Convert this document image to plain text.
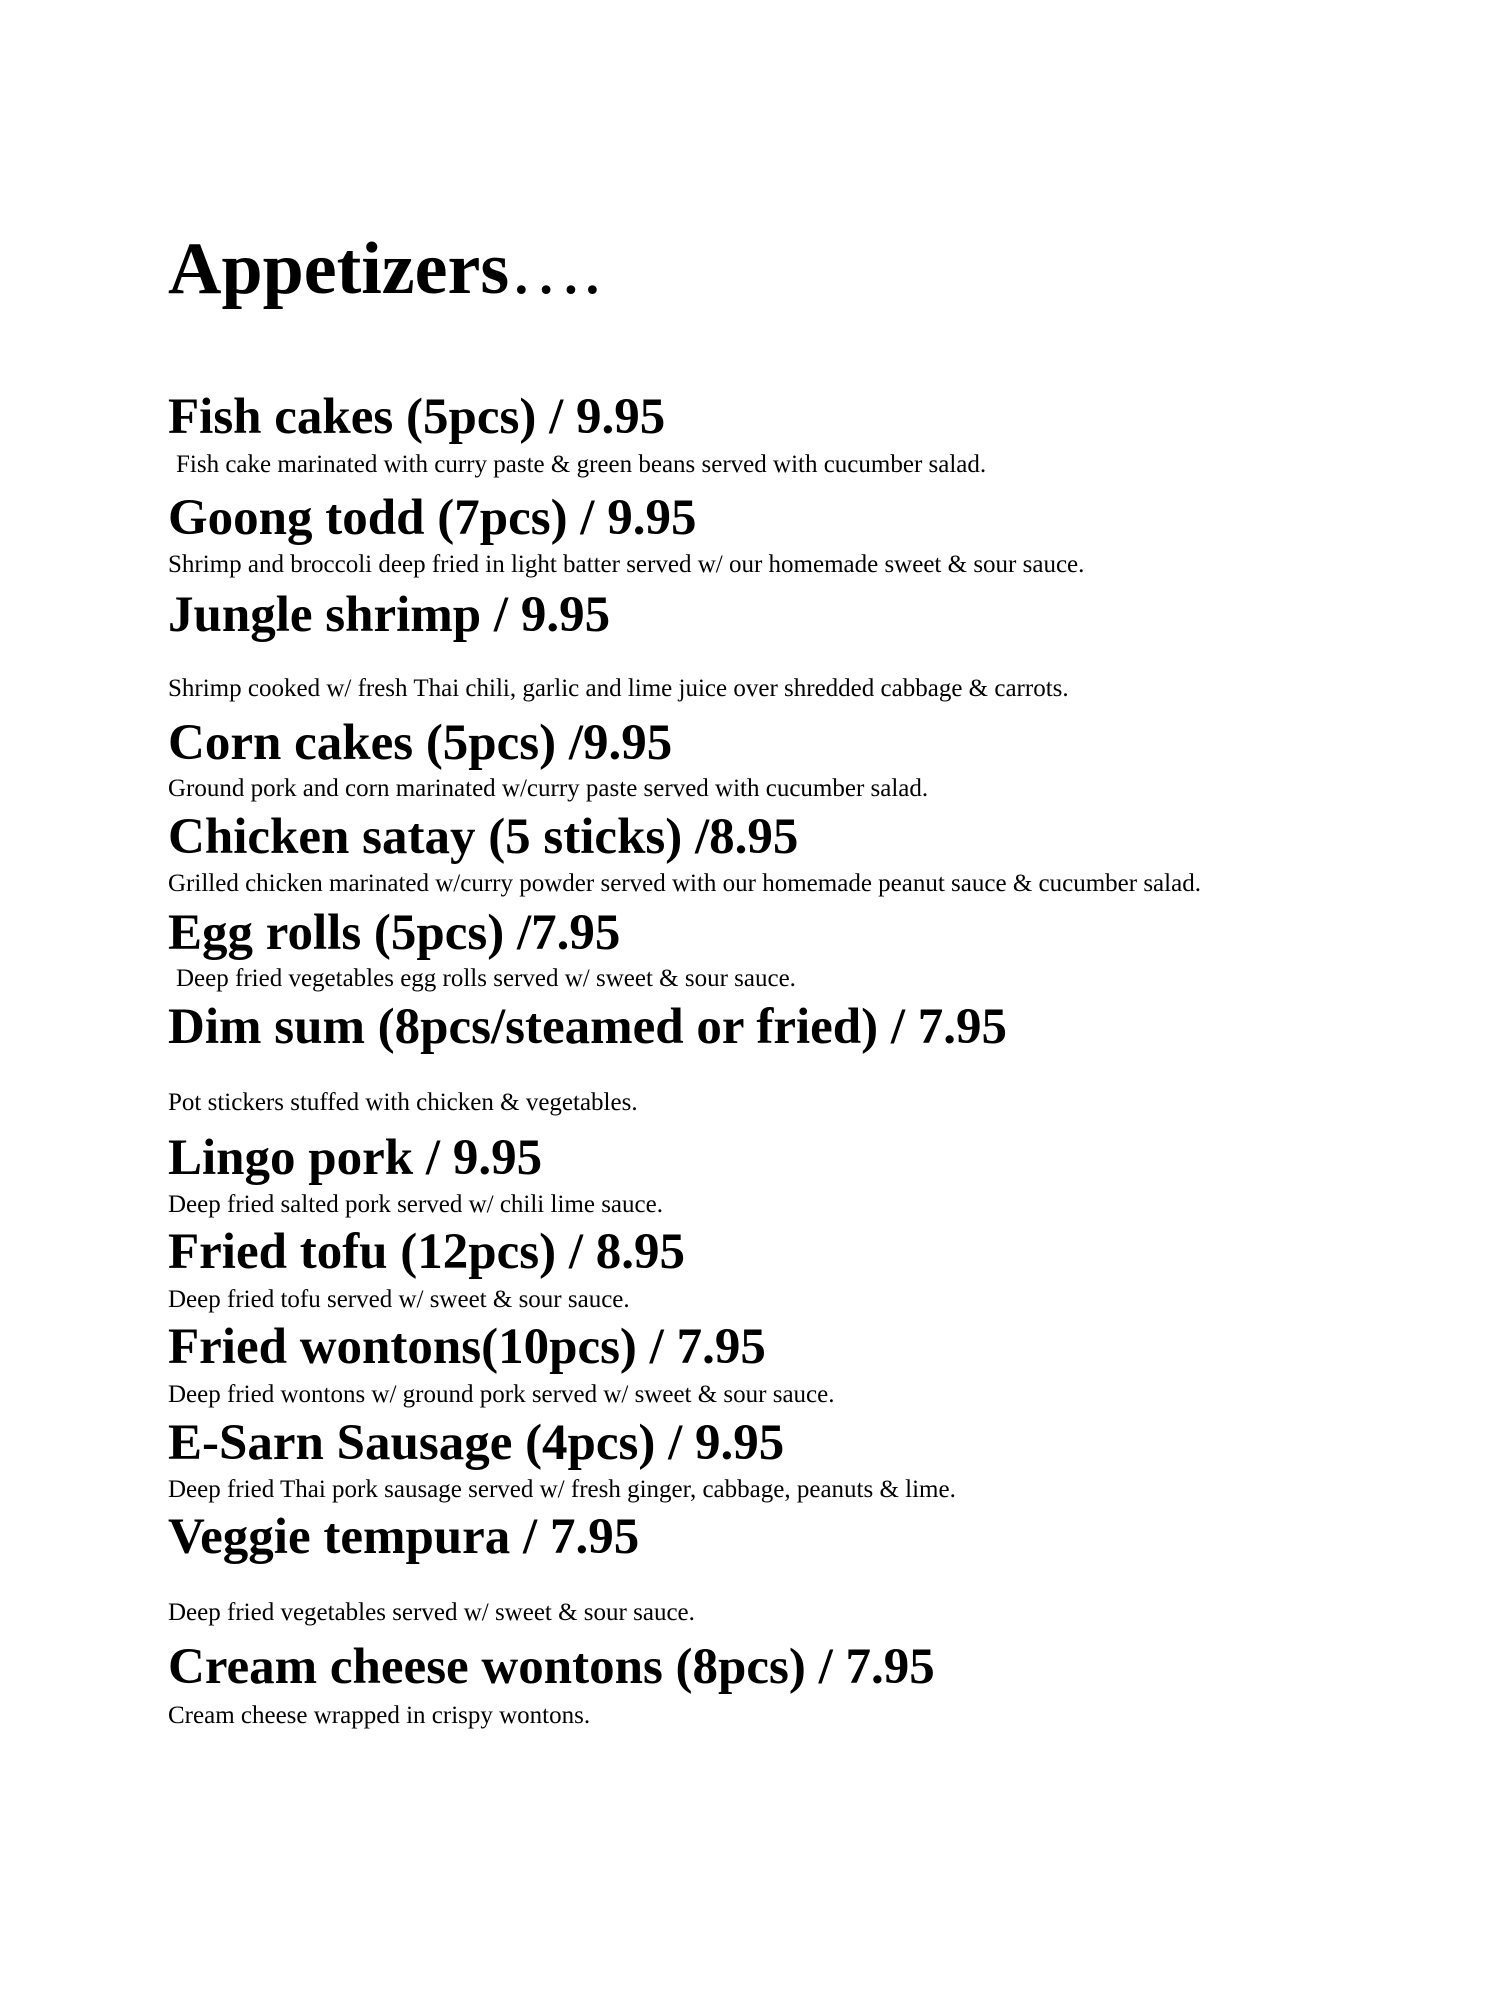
Appetizers….
Fish cakes (5pcs) / 9.95
Fish cake marinated with curry paste & green beans served with cucumber salad.
Goong todd (7pcs) / 9.95
Shrimp and broccoli deep fried in light batter served w/ our homemade sweet & sour sauce.
Jungle shrimp / 9.95
Shrimp cooked w/ fresh Thai chili, garlic and lime juice over shredded cabbage & carrots.
Corn cakes (5pcs) /9.95
Ground pork and corn marinated w/curry paste served with cucumber salad.
Chicken satay (5 sticks) /8.95
Grilled chicken marinated w/curry powder served with our homemade peanut sauce & cucumber salad.
Egg rolls (5pcs) /7.95
Deep fried vegetables egg rolls served w/ sweet & sour sauce.
Dim sum (8pcs/steamed or fried) / 7.95
Pot stickers stuffed with chicken & vegetables.
Lingo pork / 9.95
Deep fried salted pork served w/ chili lime sauce.
Fried tofu (12pcs) / 8.95
Deep fried tofu served w/ sweet & sour sauce.
Fried wontons(10pcs) / 7.95
Deep fried wontons w/ ground pork served w/ sweet & sour sauce.
E-Sarn Sausage (4pcs) / 9.95
Deep fried Thai pork sausage served w/ fresh ginger, cabbage, peanuts & lime.
Veggie tempura / 7.95
Deep fried vegetables served w/ sweet & sour sauce.
Cream cheese wontons (8pcs) / 7.95
Cream cheese wrapped in crispy wontons.
